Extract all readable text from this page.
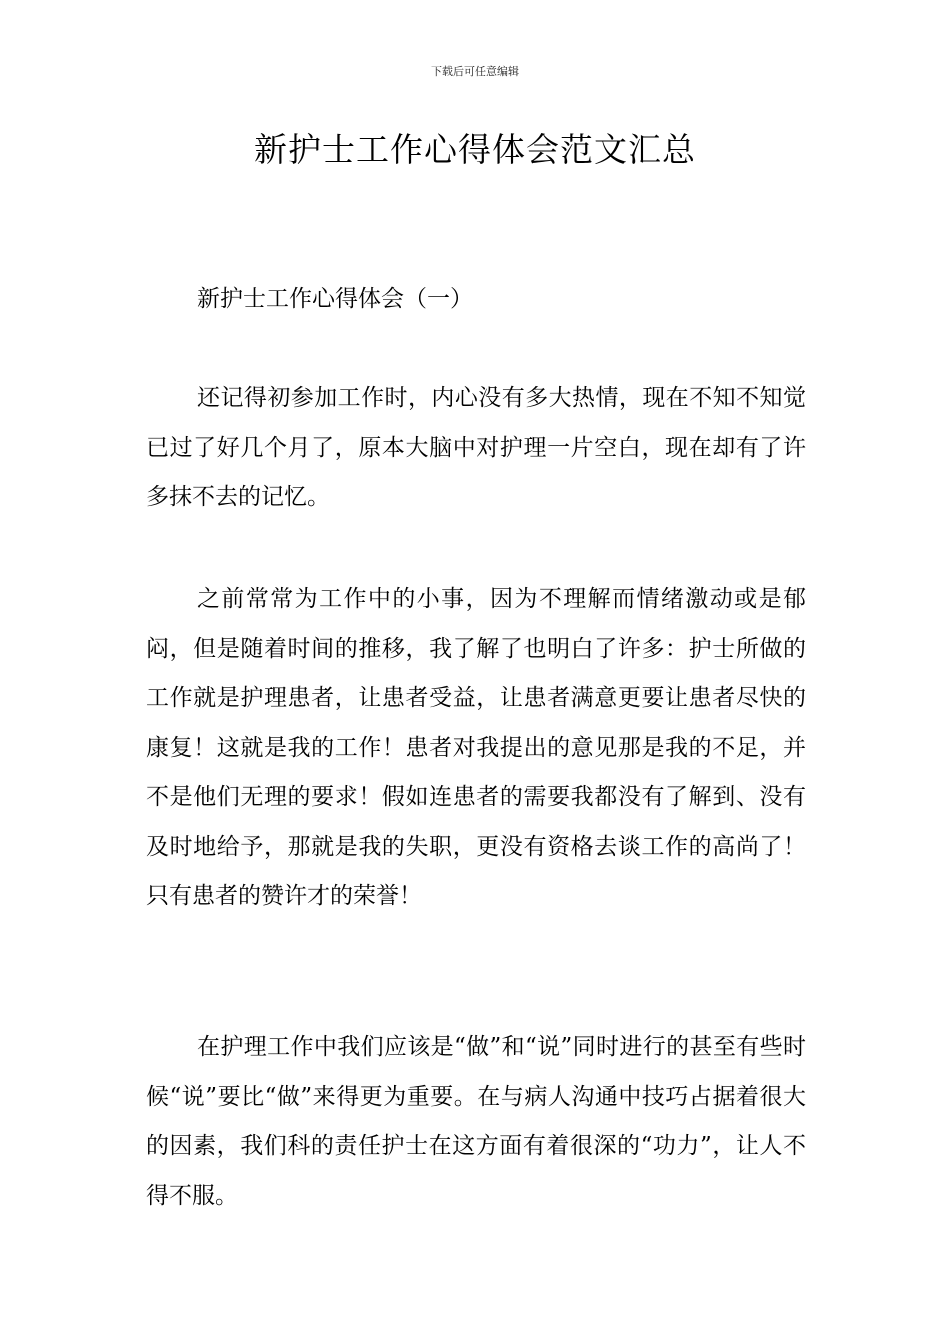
下载后可任意编辑
新护士工作心得体会范文汇总
新护士工作心得体会（一）

还记得初参加工作时，内心没有多大热情，现在不知不知觉已过了好几个月了，原本大脑中对护理一片空白，现在却有了许多抹不去的记忆。

之前常常为工作中的小事，因为不理解而情绪激动或是郁闷，但是随着时间的推移，我了解了也明白了许多：护士所做的工作就是护理患者，让患者受益，让患者满意更要让患者尽快的康复！这就是我的工作！患者对我提出的意见那是我的不足，并不是他们无理的要求！假如连患者的需要我都没有了解到、没有及时地给予，那就是我的失职，更没有资格去谈工作的高尚了！只有患者的赞许才的荣誉！

在护理工作中我们应该是“做”和“说”同时进行的甚至有些时候“说”要比“做”来得更为重要。在与病人沟通中技巧占据着很大的因素，我们科的责任护士在这方面有着很深的“功力”，让人不得不服。
